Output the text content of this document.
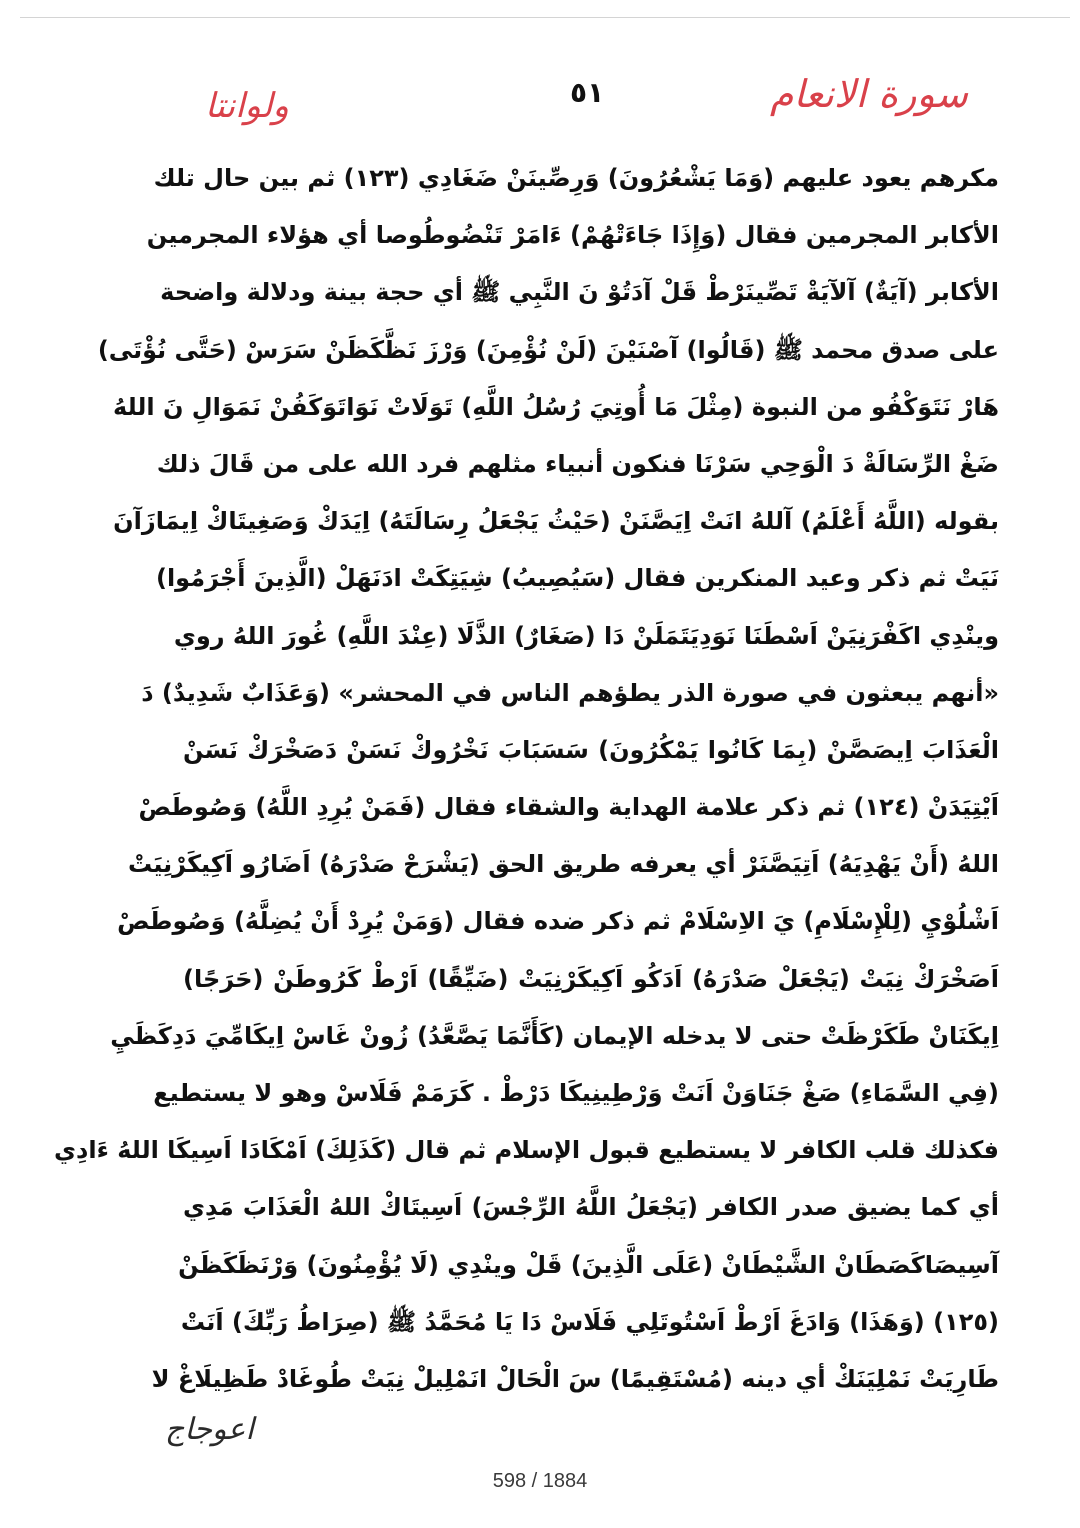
سورة الانعام
٥١
ولوانتا
مكرهم يعود عليهم (وَمَا يَشْعُرُونَ) وَرِصِّينَنْ ضَغَادِي (١٢٣) ثم بين حال تلك
الأكابر المجرمين فقال (وَإِذَا جَاءَتْهُمْ) ءَامَرْ تَنْضُوطُوصا أي هؤلاء المجرمين
الأكابر (آيَةٌ) آلآيَةْ تَصِّينَرْطْ قَلْ آدَتُوْ نَ النَّبِي ﷺ أي حجة بينة ودلالة واضحة
على صدق محمد ﷺ (قَالُوا) آصْنَيْنَ (لَنْ نُؤْمِنَ) وَرْزَ نَظَّكَظَنْ سَرَسْ (حَتَّى نُؤْتَى)
هَارْ نَتَوَكْفُو من النبوة (مِثْلَ مَا أُوتِيَ رُسُلُ اللَّهِ) تَوَلَاتْ نَوَاتَوَكَفُنْ نَمَوَالِ نَ اللهُ
ضَغْ الرِّسَالَةْ دَ الْوَحِي سَرْنَا فنكون أنبياء مثلهم فرد الله على من قَالَ ذلك
بقوله (اللَّهُ أَعْلَمُ) آللهُ انَتْ اِيَصَّنَنْ (حَيْثُ يَجْعَلُ رِسَالَتَهُ) اِيَدَكْ وَصَغِيتَاكْ اِيمَازَآنَ
نَيَتْ ثم ذكر وعيد المنكرين فقال (سَيُصِيبُ) شِيَتِكَتْ ادَنَهَلْ (الَّذِينَ أَجْرَمُوا)
وينْدِي اكَفْرَنِيَنْ اَسْطَنَا نَوَدِيَتَمَلَنْ دَا (صَغَارٌ) الذَّلَا (عِنْدَ اللَّهِ) غُورَ اللهُ روي
«أنهم يبعثون في صورة الذر يطؤهم الناس في المحشر» (وَعَذَابٌ شَدِيدٌ) دَ
الْعَذَابَ اِيصَصَّنْ (بِمَا كَانُوا يَمْكُرُونَ) سَسَبَابَ نَخْرُوكْ نَسَنْ دَصَخْرَكْ نَسَنْ
اَيْتِيَدَنْ (١٢٤) ثم ذكر علامة الهداية والشقاء فقال (فَمَنْ يُرِدِ اللَّهُ) وَصُوطَصْ
اللهُ (أَنْ يَهْدِيَهُ) اَتِيَصَّنَرْ أي يعرفه طريق الحق (يَشْرَحْ صَدْرَهُ) اَضَارُو اَكِيكَرْنِيَتْ
اَشْلُوْيِ (لِلْإِسْلَامِ) يَ الاِسْلَامْ ثم ذكر ضده فقال (وَمَنْ يُرِدْ أَنْ يُضِلَّهُ) وَصُوطَصْ
اَصَخْرَكْ نِيَتْ (يَجْعَلْ صَدْرَهُ) اَدَكُو اَكِيكَرْنِيَتْ (ضَيِّقًا) اَرْطْ كَرُوطَنْ (حَرَجًا)
اِيكَنَانْ طَكَرْظَتْ حتى لا يدخله الإيمان (كَأَنَّمَا يَصَّعَّدُ) زُونْ غَاسْ اِيكَامِّيَ دَدِكَظَيِ
(فِي السَّمَاءِ) صَغْ جَنَاوَنْ اَنَتْ وَرْطِينِيكَا دَرْطْ . كَرَمَمْ فَلَاسْ وهو لا يستطيع
فكذلك قلب الكافر لا يستطيع قبول الإسلام ثم قال (كَذَلِكَ) اَمْكَادَا اَسِيكَا اللهُ ءَادِي
أي كما يضيق صدر الكافر (يَجْعَلُ اللَّهُ الرِّجْسَ) اَسِيتَاكْ اللهُ الْعَذَابَ مَدِي
آسِيصَاكَصَطَانْ الشَّيْطَانْ (عَلَى الَّذِينَ) قَلْ وينْدِي (لَا يُؤْمِنُونَ) وَرْنَظَكَظَنْ
(١٢٥) (وَهَذَا) وَادَغَ اَرْطْ اَسْتُوتَلِي فَلَاسْ دَا يَا مُحَمَّدُ ﷺ (صِرَاطُ رَبِّكَ) اَنَتْ
طَارِيَتْ نَمْلِيَنَكْ أي دينه (مُسْتَقِيمًا) سَ الْحَالْ انَمْلِيلْ نِيَتْ طُوغَادْ طَظِيلَاغْ لا
اعوجاج
598 / 1884
